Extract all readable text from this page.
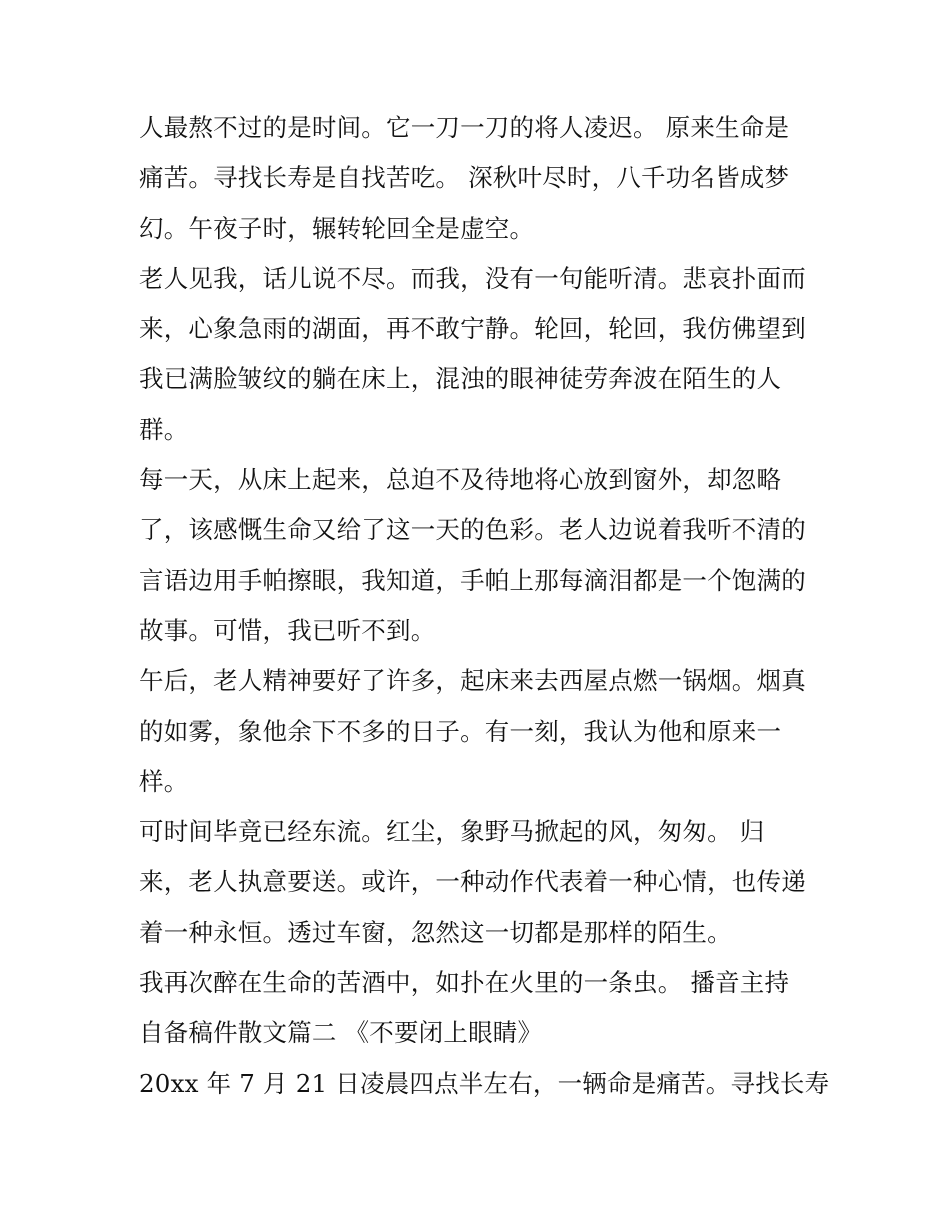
人最熬不过的是时间。它一刀一刀的将人凌迟。 原来生命是
痛苦。寻找长寿是自找苦吃。 深秋叶尽时，八千功名皆成梦
幻。午夜子时，辗转轮回全是虚空。
老人见我，话儿说不尽。而我，没有一句能听清。悲哀扑面而
来，心象急雨的湖面，再不敢宁静。轮回，轮回，我仿佛望到
我已满脸皱纹的躺在床上，混浊的眼神徒劳奔波在陌生的人
群。
每一天，从床上起来，总迫不及待地将心放到窗外，却忽略
了，该感慨生命又给了这一天的色彩。老人边说着我听不清的
言语边用手帕擦眼，我知道，手帕上那每滴泪都是一个饱满的
故事。可惜，我已听不到。
午后，老人精神要好了许多，起床来去西屋点燃一锅烟。烟真
的如雾，象他余下不多的日子。有一刻，我认为他和原来一
样。
可时间毕竟已经东流。红尘，象野马掀起的风，匆匆。 归
来，老人执意要送。或许，一种动作代表着一种心情，也传递
着一种永恒。透过车窗，忽然这一切都是那样的陌生。
我再次醉在生命的苦酒中，如扑在火里的一条虫。 播音主持
自备稿件散文篇二 《不要闭上眼睛》
20xx 年 7 月 21 日凌晨四点半左右，一辆命是痛苦。寻找长寿
